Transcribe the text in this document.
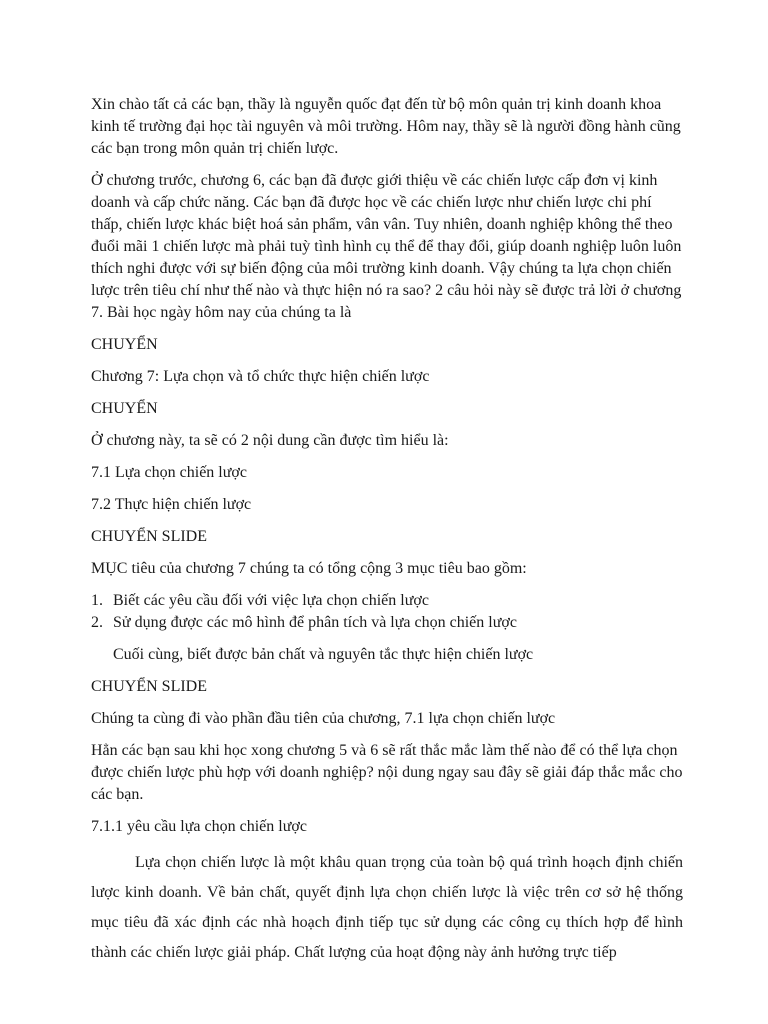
Xin chào tất cả các bạn, thầy là nguyễn quốc đạt đến từ bộ môn quản trị kinh doanh khoa kinh tế trường đại học tài nguyên và môi trường. Hôm nay, thầy sẽ là người đồng hành cũng các bạn trong môn quản trị chiến lược.

Ở chương trước, chương 6, các bạn đã được giới thiệu về các chiến lược cấp đơn vị kinh doanh và cấp chức năng. Các bạn đã được học về các chiến lược như chiến lược chi phí thấp, chiến lược khác biệt hoá sản phẩm, vân vân. Tuy nhiên, doanh nghiệp không thể theo đuổi mãi 1 chiến lược mà phải tuỳ tình hình cụ thể để thay đổi, giúp doanh nghiệp luôn luôn thích nghi được với sự biến động của môi trường kinh doanh. Vậy chúng ta lựa chọn chiến lược trên tiêu chí như thế nào và thực hiện nó ra sao? 2 câu hỏi này sẽ được trả lời ở chương 7. Bài học ngày hôm nay của chúng ta là

CHUYỂN

Chương 7: Lựa chọn và tổ chức thực hiện chiến lược

CHUYỂN

Ở chương này, ta sẽ có 2 nội dung cần được tìm hiểu là:

7.1 Lựa chọn chiến lược

7.2 Thực hiện chiến lược

CHUYỂN SLIDE

MỤC tiêu của chương 7 chúng ta có tổng cộng 3 mục tiêu bao gồm:

1. Biết các yêu cầu đối với việc lựa chọn chiến lược
2. Sử dụng được các mô hình để phân tích và lựa chọn chiến lược

Cuối cùng, biết được bản chất và nguyên tắc thực hiện chiến lược

CHUYỂN SLIDE

Chúng ta cùng đi vào phần đầu tiên của chương, 7.1 lựa chọn chiến lược

Hẳn các bạn sau khi học xong chương 5 và 6 sẽ rất thắc mắc làm thế nào để có thể lựa chọn được chiến lược phù hợp với doanh nghiệp? nội dung ngay sau đây sẽ giải đáp thắc mắc cho các bạn.

7.1.1 yêu cầu lựa chọn chiến lược

Lựa chọn chiến lược là một khâu quan trọng của toàn bộ quá trình hoạch định chiến lược kinh doanh. Về bản chất, quyết định lựa chọn chiến lược là việc trên cơ sở hệ thống mục tiêu đã xác định các nhà hoạch định tiếp tục sử dụng các công cụ thích hợp để hình thành các chiến lược giải pháp. Chất lượng của hoạt động này ảnh hưởng trực tiếp
